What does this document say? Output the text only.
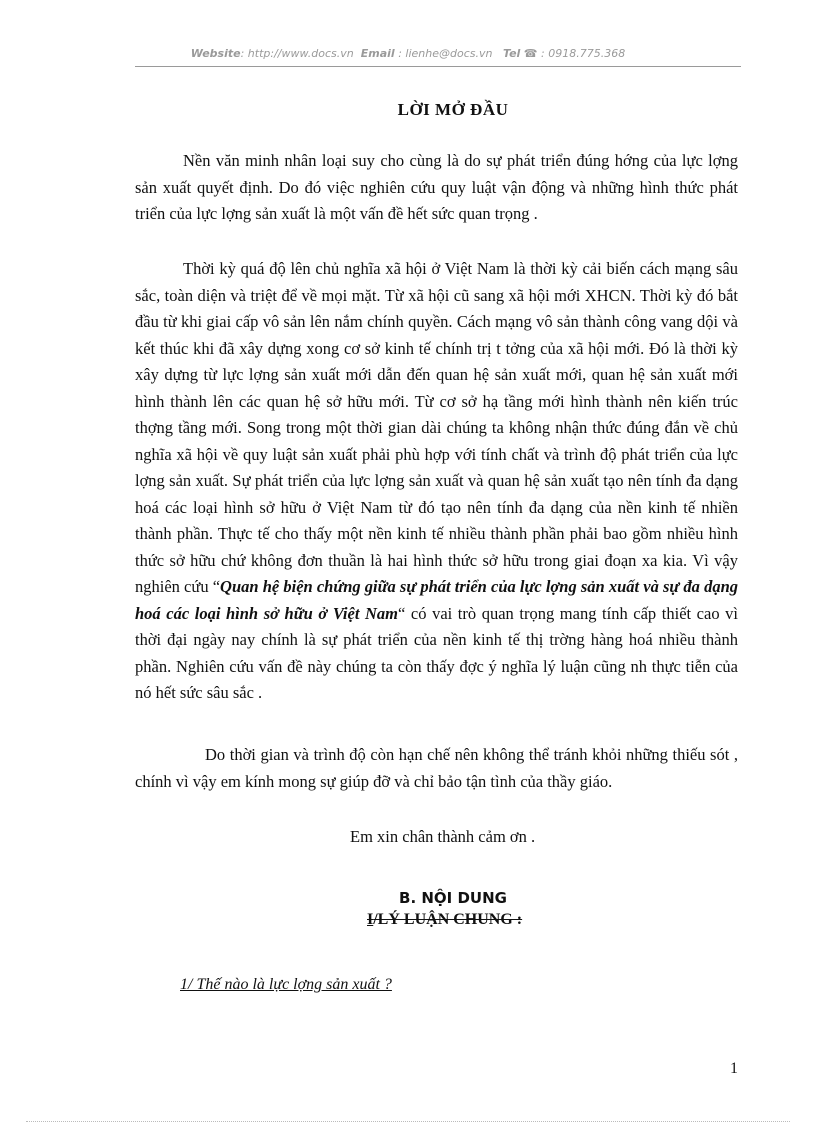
Website: http://www.docs.vn Email : lienhe@docs.vn Tel ☎ : 0918.775.368
LỜI MỞ ĐẦU
Nền văn minh nhân loại suy cho cùng là do sự phát triển đúng hớng của lực lợng sản xuất quyết định. Do đó việc nghiên cứu quy luật vận động và những hình thức phát triển của lực lợng sản xuất là một vấn đề hết sức quan trọng .
Thời kỳ quá độ lên chủ nghĩa xã hội ở Việt Nam là thời kỳ cải biến cách mạng sâu sắc, toàn diện và triệt để về mọi mặt. Từ xã hội cũ sang xã hội mới XHCN. Thời kỳ đó bắt đầu từ khi giai cấp vô sản lên nắm chính quyền. Cách mạng vô sản thành công vang dội và kết thúc khi đã xây dựng xong cơ sở kinh tế chính trị t tởng của xã hội mới. Đó là thời kỳ xây dựng từ lực lợng sản xuất mới dẫn đến quan hệ sản xuất mới, quan hệ sản xuất mới hình thành lên các quan hệ sở hữu mới. Từ cơ sở hạ tầng mới hình thành nên kiến trúc thợng tầng mới. Song trong một thời gian dài chúng ta không nhận thức đúng đắn về chủ nghĩa xã hội về quy luật sản xuất phải phù hợp với tính chất và trình độ phát triển của lực lợng sản xuất. Sự phát triển của lực lợng sản xuất và quan hệ sản xuất tạo nên tính đa dạng hoá các loại hình sở hữu ở Việt Nam từ đó tạo nên tính đa dạng của nền kinh tế nhiền thành phần. Thực tế cho thấy một nền kinh tế nhiều thành phần phải bao gồm nhiều hình thức sở hữu chứ không đơn thuần là hai hình thức sở hữu trong giai đoạn xa kia. Vì vậy nghiên cứu “Quan hệ biện chứng giữa sự phát triển của lực lợng sản xuất và sự đa dạng hoá các loại hình sở hữu ở Việt Nam“ có vai trò quan trọng mang tính cấp thiết cao vì thời đại ngày nay chính là sự phát triển của nền kinh tế thị trờng hàng hoá nhiều thành phần. Nghiên cứu vấn đề này chúng ta còn thấy đợc ý nghĩa lý luận cũng nh thực tiễn của nó hết sức sâu sắc .
Do thời gian và trình độ còn hạn chế nên không thể tránh khỏi những thiếu sót , chính vì vậy em kính mong sự giúp đỡ và chỉ bảo tận tình của thầy giáo.
Em xin chân thành cảm ơn .
B. NỘI DUNG
I/LÝ LUẬN CHUNG :
1/ Thế nào là lực lợng sản xuất ?
1
